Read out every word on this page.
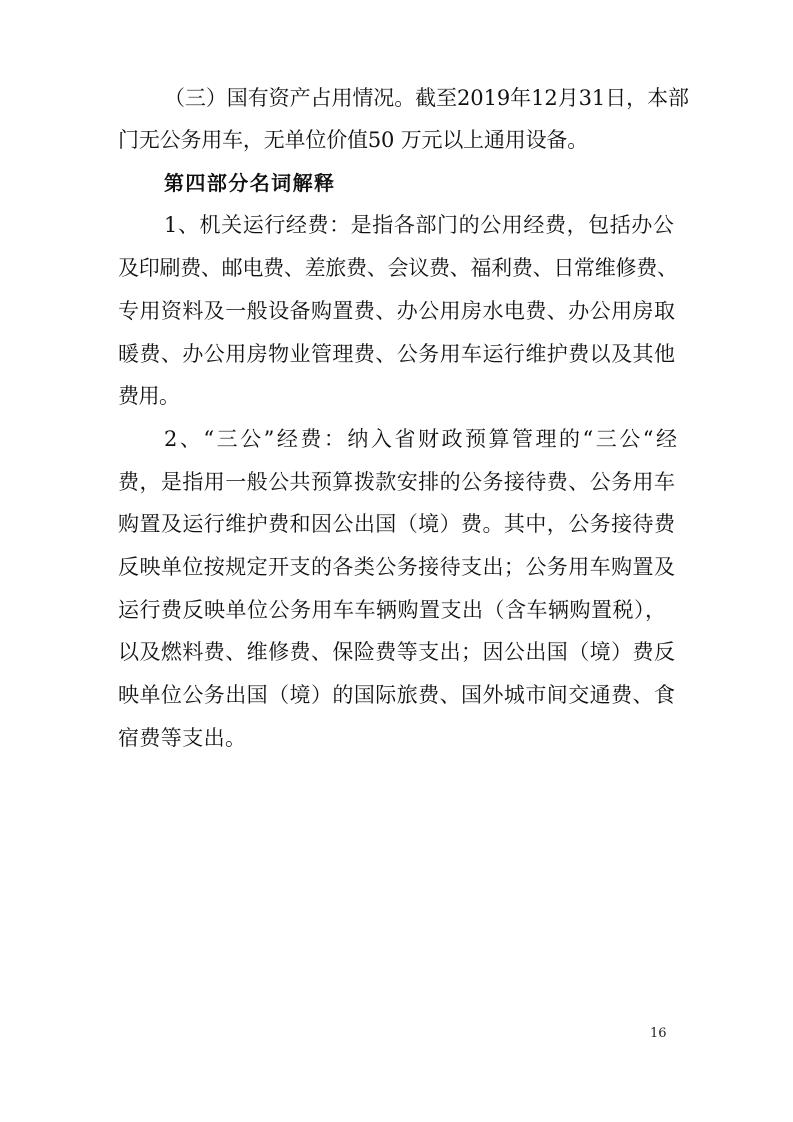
（三）国有资产占用情况。截至2019年12月31日，本部
门无公务用车，无单位价值50 万元以上通用设备。
第四部分名词解释
1、机关运行经费：是指各部门的公用经费，包括办公
及印刷费、邮电费、差旅费、会议费、福利费、日常维修费、
专用资料及一般设备购置费、办公用房水电费、办公用房取
暖费、办公用房物业管理费、公务用车运行维护费以及其他
费用。
2、“三公”经费：纳入省财政预算管理的“三公“经
费，是指用一般公共预算拨款安排的公务接待费、公务用车
购置及运行维护费和因公出国（境）费。其中，公务接待费
反映单位按规定开支的各类公务接待支出；公务用车购置及
运行费反映单位公务用车车辆购置支出（含车辆购置税），
以及燃料费、维修费、保险费等支出；因公出国（境）费反
映单位公务出国（境）的国际旅费、国外城市间交通费、食
宿费等支出。
16
